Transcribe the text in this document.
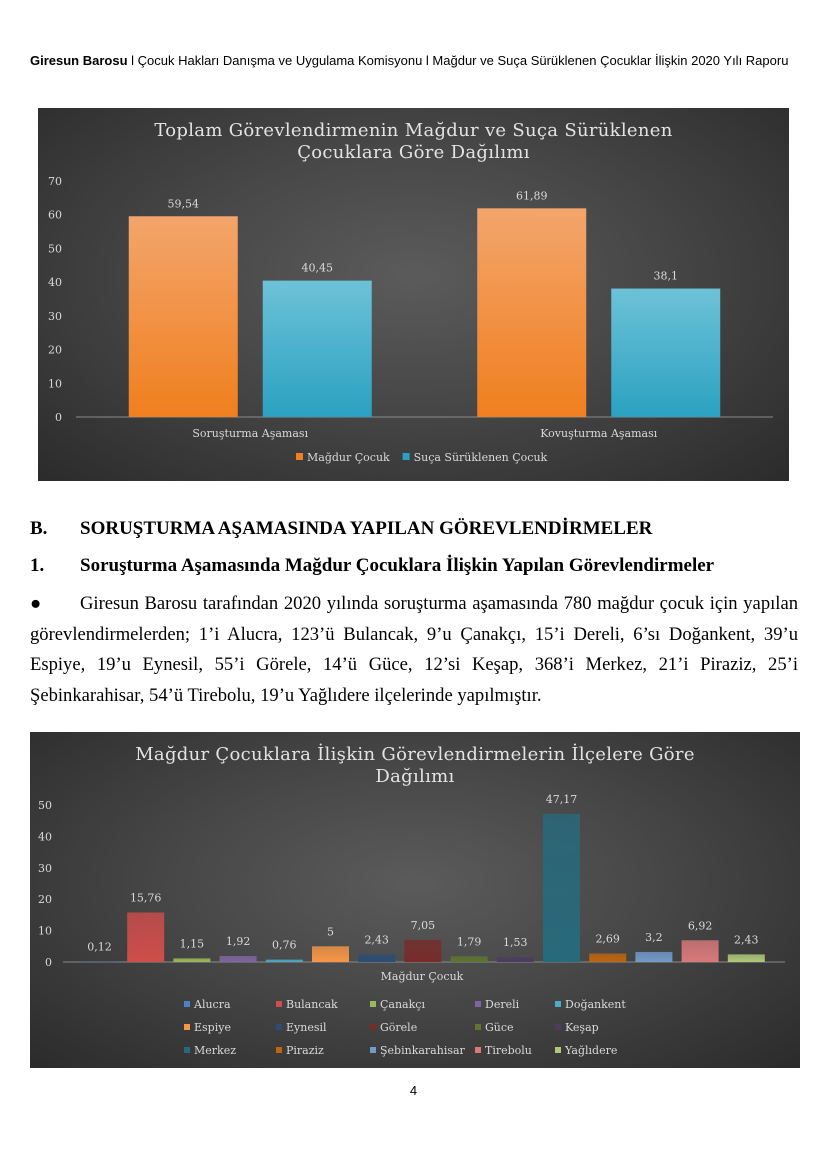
Giresun Barosu l Çocuk Hakları Danışma ve Uygulama Komisyonu l Mağdur ve Suça Sürüklenen Çocuklar İlişkin 2020 Yılı Raporu
Toplam Görevlendirmenin Mağdur ve Suça Sürüklenen
Çocuklara Göre Dağılımı
0
10
20
30
40
50
60
70
Soruşturma Aşaması
59,54
40,45
Kovuşturma Aşaması
61,89
38,1
Mağdur Çocuk Suça Sürüklenen Çocuk
B. SORUŞTURMA AŞAMASINDA YAPILAN GÖREVLENDİRMELER
1. Soruşturma Aşamasında Mağdur Çocuklara İlişkin Yapılan Görevlendirmeler
● Giresun Barosu tarafından 2020 yılında soruşturma aşamasında 780 mağdur çocuk için yapılan görevlendirmelerden; 1’i Alucra, 123’ü Bulancak, 9’u Çanakçı, 15’i Dereli, 6’sı Doğankent, 39’u Espiye, 19’u Eynesil, 55’i Görele, 14’ü Güce, 12’si Keşap, 368’i Merkez, 21’i Piraziz, 25’i Şebinkarahisar, 54’ü Tirebolu, 19’u Yağlıdere ilçelerinde yapılmıştır.
Mağdur Çocuklara İlişkin Görevlendirmelerin İlçelere Göre
Dağılımı
0
10
20
30
40
50
0,12
15,76
1,15 1,92 0,76
5
2,43
7,05
1,79 1,53
47,17
2,69 3,2
6,92
2,43
Mağdur Çocuk
Alucra	Bulancak	Çanakçı	Dereli	Doğankent
Espiye	Eynesil	Görele	Güce	Keşap
Merkez	Piraziz	Şebinkarahisar Tirebolu	Yağlıdere
4
